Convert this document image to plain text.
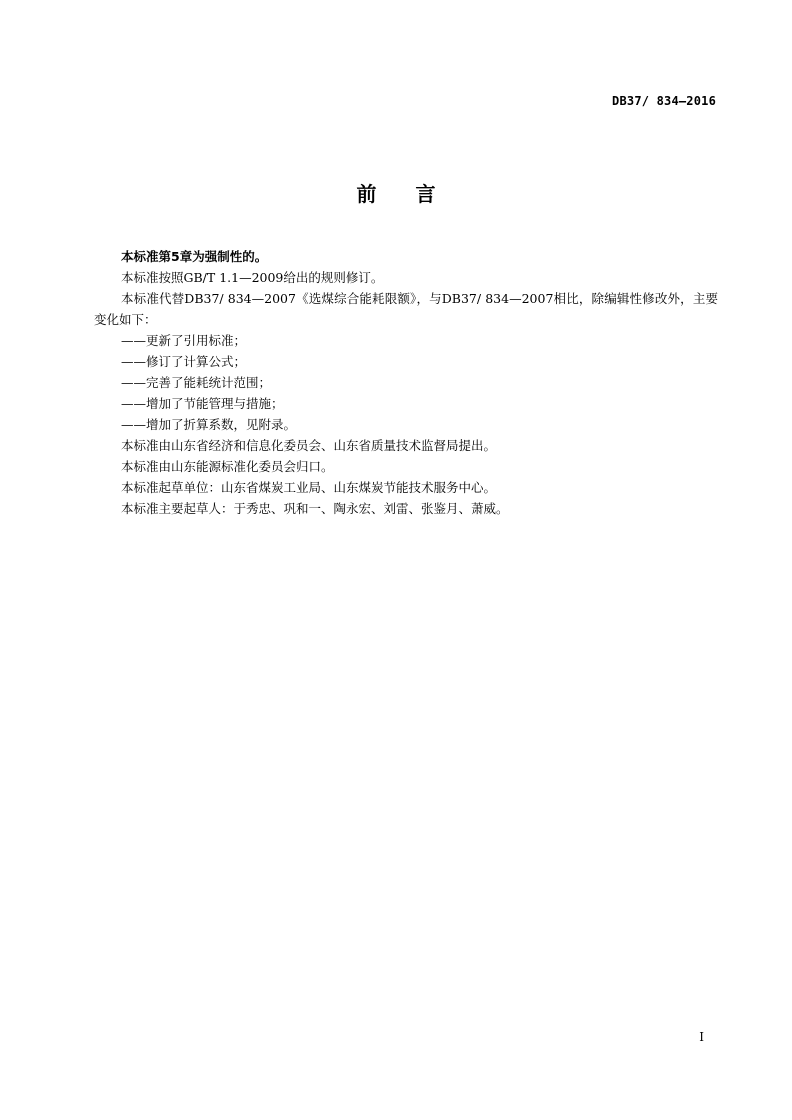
DB37/ 834—2016
前 言

本标准第5章为强制性的。

本标准按照GB/T 1.1—2009给出的规则修订。

本标准代替DB37/ 834—2007《选煤综合能耗限额》，与DB37/ 834—2007相比，除编辑性修改外，主要变化如下：

——更新了引用标准；

——修订了计算公式；

——完善了能耗统计范围；

——增加了节能管理与措施；

——增加了折算系数，见附录。

本标准由山东省经济和信息化委员会、山东省质量技术监督局提出。

本标准由山东能源标准化委员会归口。

本标准起草单位：山东省煤炭工业局、山东煤炭节能技术服务中心。

本标准主要起草人：于秀忠、巩和一、陶永宏、刘雷、张鉴月、萧威。

I
